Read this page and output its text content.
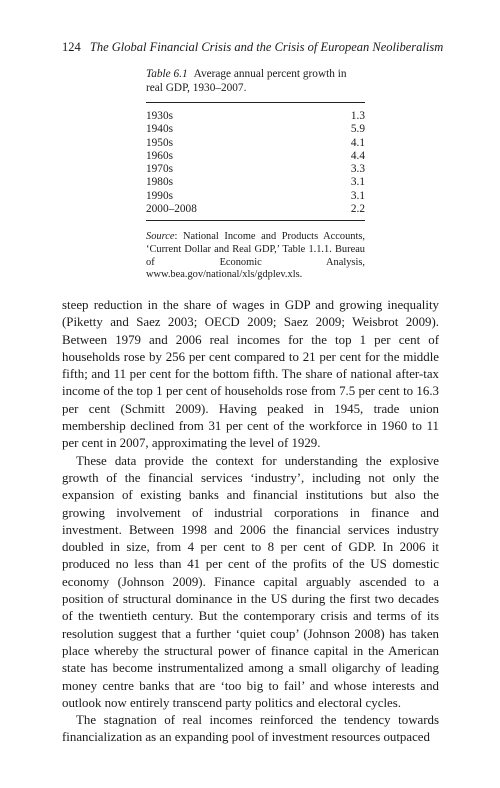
124 The Global Financial Crisis and the Crisis of European Neoliberalism
Table 6.1 Average annual percent growth in real GDP, 1930–2007.
1930s	1.3
1940s	5.9
1950s	4.1
1960s	4.4
1970s	3.3
1980s	3.1
1990s	3.1
2000–2008	2.2
Source: National Income and Products Accounts, ‘Current Dollar and Real GDP,’ Table 1.1.1. Bureau of Economic Analysis, www.bea.gov/national/xls/gdplev.xls.

steep reduction in the share of wages in GDP and growing inequality (Piketty and Saez 2003; OECD 2009; Saez 2009; Weisbrot 2009). Between 1979 and 2006 real incomes for the top 1 per cent of households rose by 256 per cent compared to 21 per cent for the middle fifth; and 11 per cent for the bottom fifth. The share of national after-tax income of the top 1 per cent of households rose from 7.5 per cent to 16.3 per cent (Schmitt 2009). Having peaked in 1945, trade union membership declined from 31 per cent of the workforce in 1960 to 11 per cent in 2007, approximating the level of 1929.

These data provide the context for understanding the explosive growth of the financial services ‘industry’, including not only the expansion of existing banks and financial institutions but also the growing involvement of industrial corporations in finance and investment. Between 1998 and 2006 the financial services industry doubled in size, from 4 per cent to 8 per cent of GDP. In 2006 it produced no less than 41 per cent of the profits of the US domestic economy (Johnson 2009). Finance capital arguably ascended to a position of structural dominance in the US during the first two decades of the twentieth century. But the contemporary crisis and terms of its resolution suggest that a further ‘quiet coup’ (Johnson 2008) has taken place whereby the structural power of finance capital in the American state has become instrumentalized among a small oligarchy of leading money centre banks that are ‘too big to fail’ and whose interests and outlook now entirely transcend party politics and electoral cycles.

The stagnation of real incomes reinforced the tendency towards financialization as an expanding pool of investment resources outpaced
